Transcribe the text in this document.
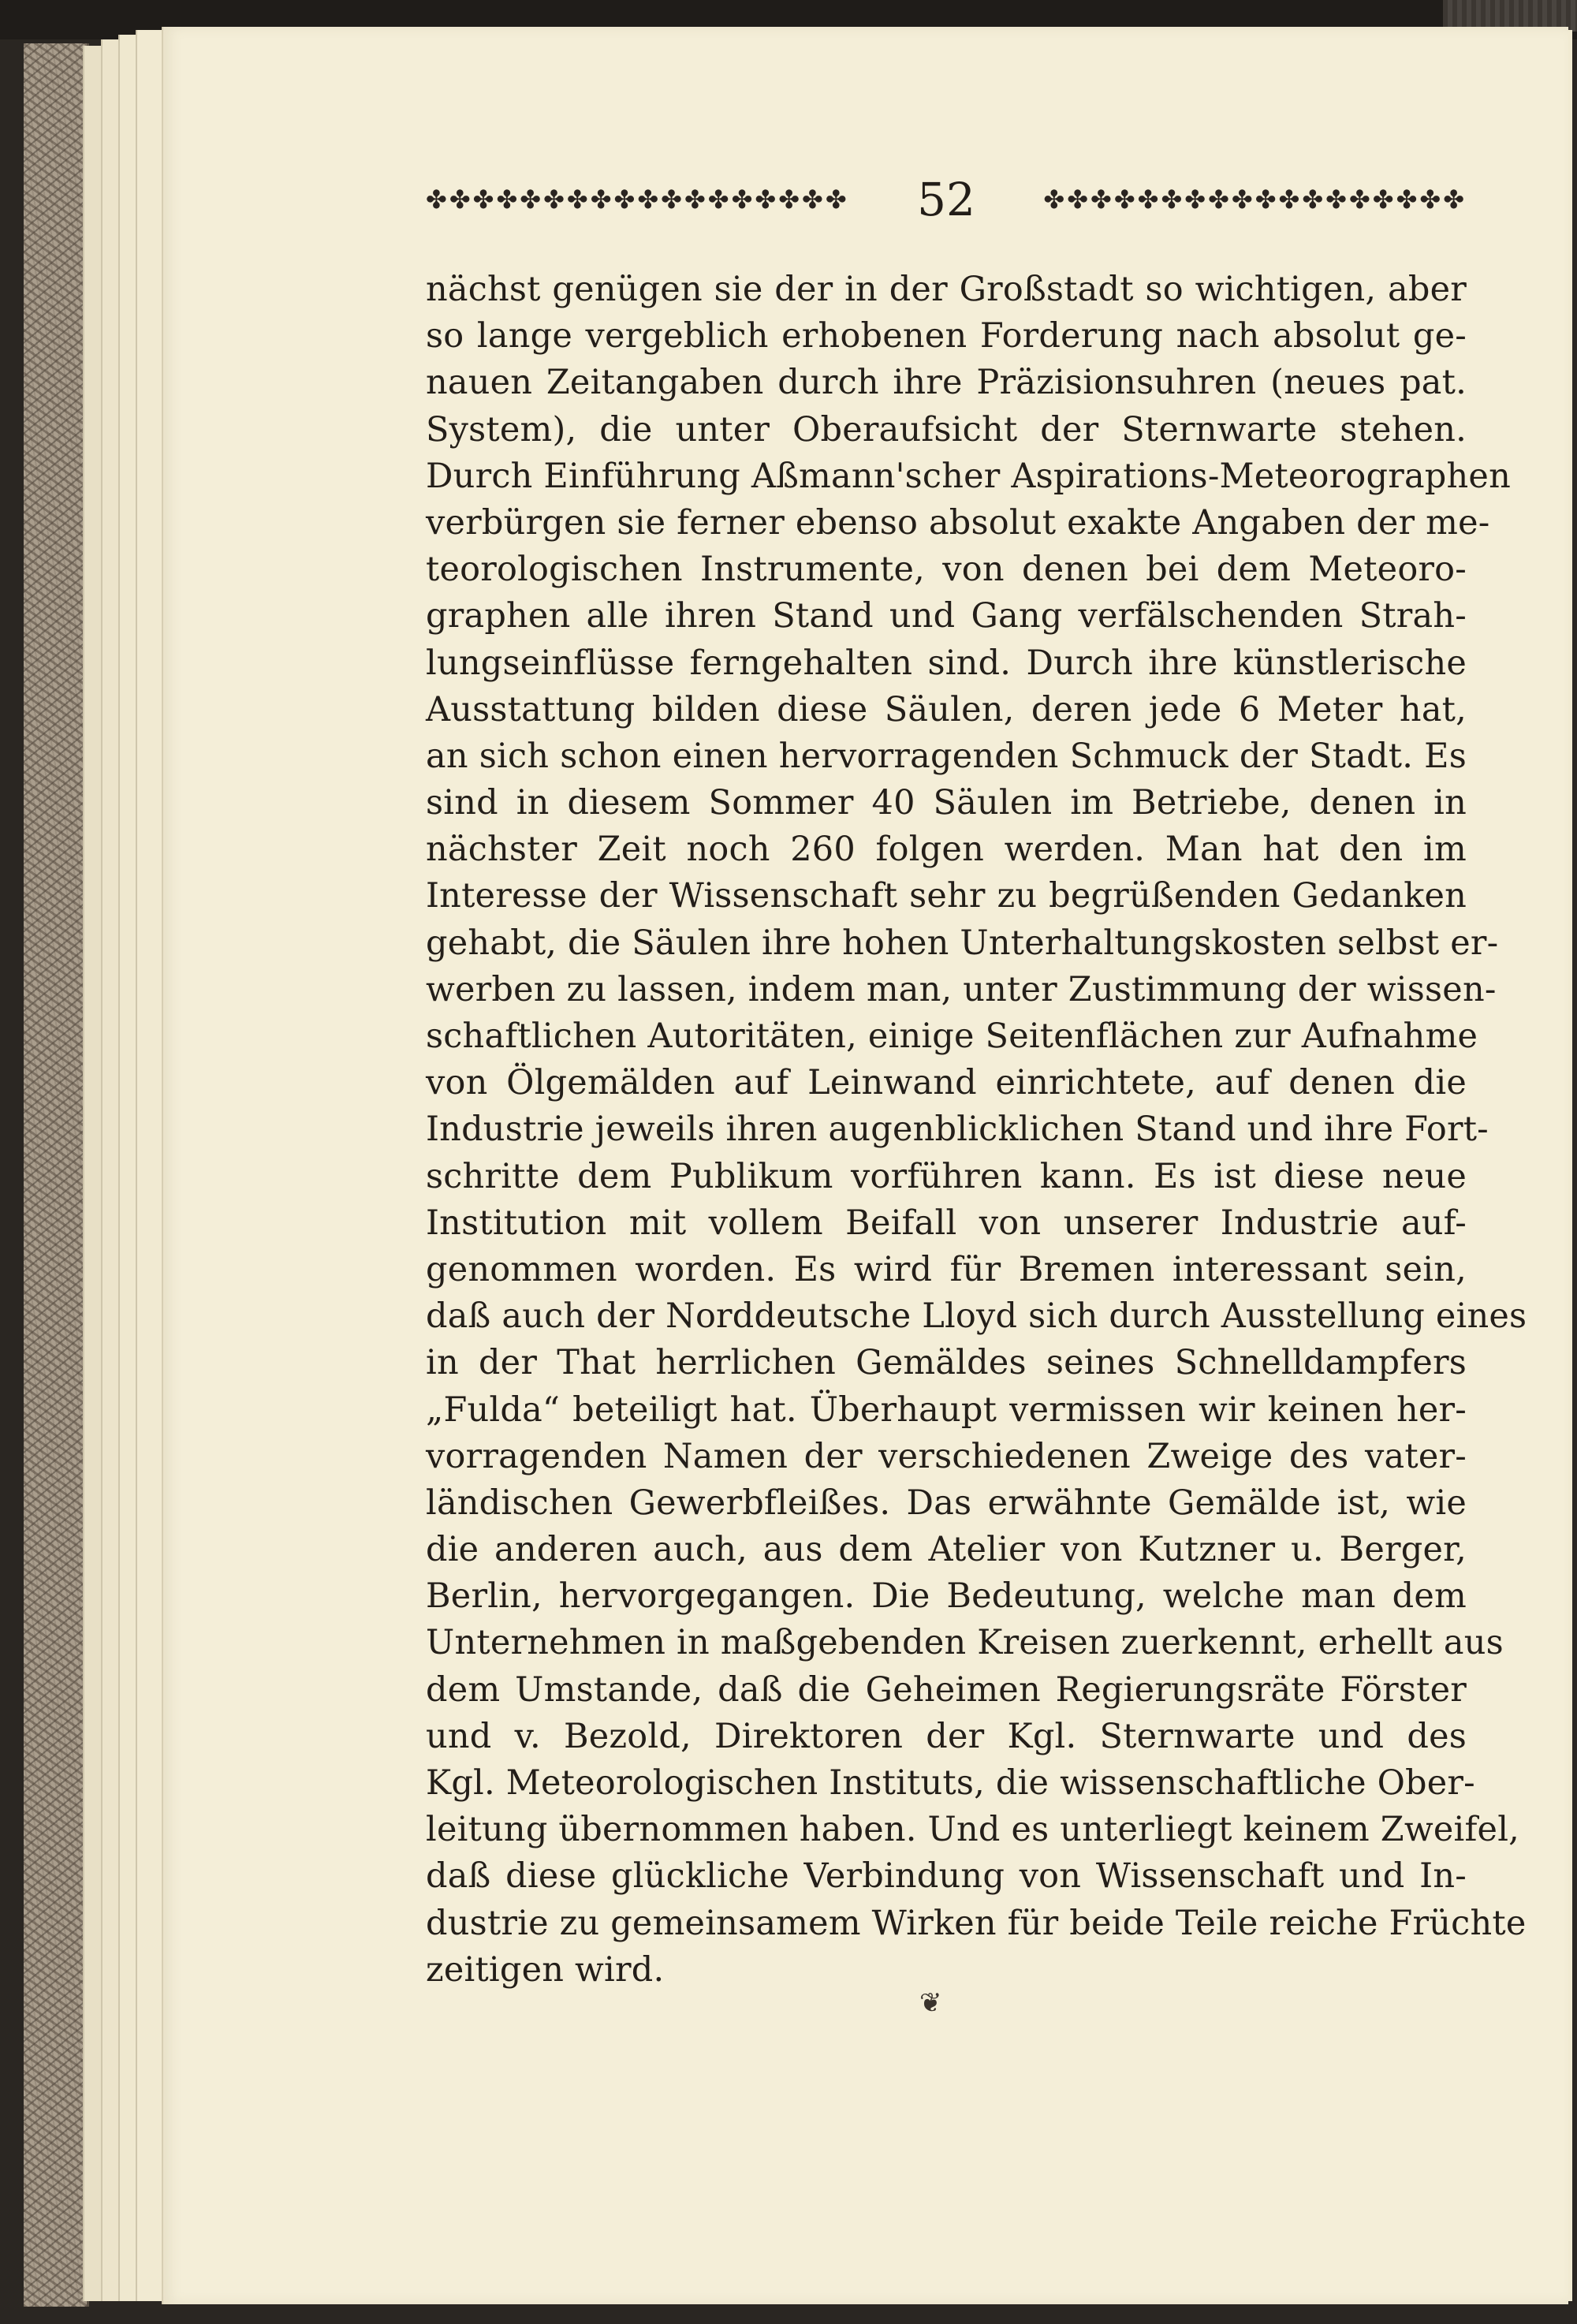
✤✤✤✤✤✤✤✤✤✤✤✤✤✤✤✤✤✤	52	✤✤✤✤✤✤✤✤✤✤✤✤✤✤✤✤✤✤
nächst genügen sie der in der Großstadt so wichtigen, aber
so lange vergeblich erhobenen Forderung nach absolut ge-
nauen Zeitangaben durch ihre Präzisionsuhren (neues pat.
System), die unter Oberaufsicht der Sternwarte stehen.
Durch Einführung Aßmann'scher Aspirations-Meteorographen
verbürgen sie ferner ebenso absolut exakte Angaben der me-
teorologischen Instrumente, von denen bei dem Meteoro-
graphen alle ihren Stand und Gang verfälschenden Strah-
lungseinflüsse ferngehalten sind. Durch ihre künstlerische
Ausstattung bilden diese Säulen, deren jede 6 Meter hat,
an sich schon einen hervorragenden Schmuck der Stadt. Es
sind in diesem Sommer 40 Säulen im Betriebe, denen in
nächster Zeit noch 260 folgen werden. Man hat den im
Interesse der Wissenschaft sehr zu begrüßenden Gedanken
gehabt, die Säulen ihre hohen Unterhaltungskosten selbst er-
werben zu lassen, indem man, unter Zustimmung der wissen-
schaftlichen Autoritäten, einige Seitenflächen zur Aufnahme
von Ölgemälden auf Leinwand einrichtete, auf denen die
Industrie jeweils ihren augenblicklichen Stand und ihre Fort-
schritte dem Publikum vorführen kann. Es ist diese neue
Institution mit vollem Beifall von unserer Industrie auf-
genommen worden. Es wird für Bremen interessant sein,
daß auch der Norddeutsche Lloyd sich durch Ausstellung eines
in der That herrlichen Gemäldes seines Schnelldampfers
„Fulda“ beteiligt hat. Überhaupt vermissen wir keinen her-
vorragenden Namen der verschiedenen Zweige des vater-
ländischen Gewerbfleißes. Das erwähnte Gemälde ist, wie
die anderen auch, aus dem Atelier von Kutzner u. Berger,
Berlin, hervorgegangen. Die Bedeutung, welche man dem
Unternehmen in maßgebenden Kreisen zuerkennt, erhellt aus
dem Umstande, daß die Geheimen Regierungsräte Förster
und v. Bezold, Direktoren der Kgl. Sternwarte und des
Kgl. Meteorologischen Instituts, die wissenschaftliche Ober-
leitung übernommen haben. Und es unterliegt keinem Zweifel,
daß diese glückliche Verbindung von Wissenschaft und In-
dustrie zu gemeinsamem Wirken für beide Teile reiche Früchte
zeitigen wird.
❦
